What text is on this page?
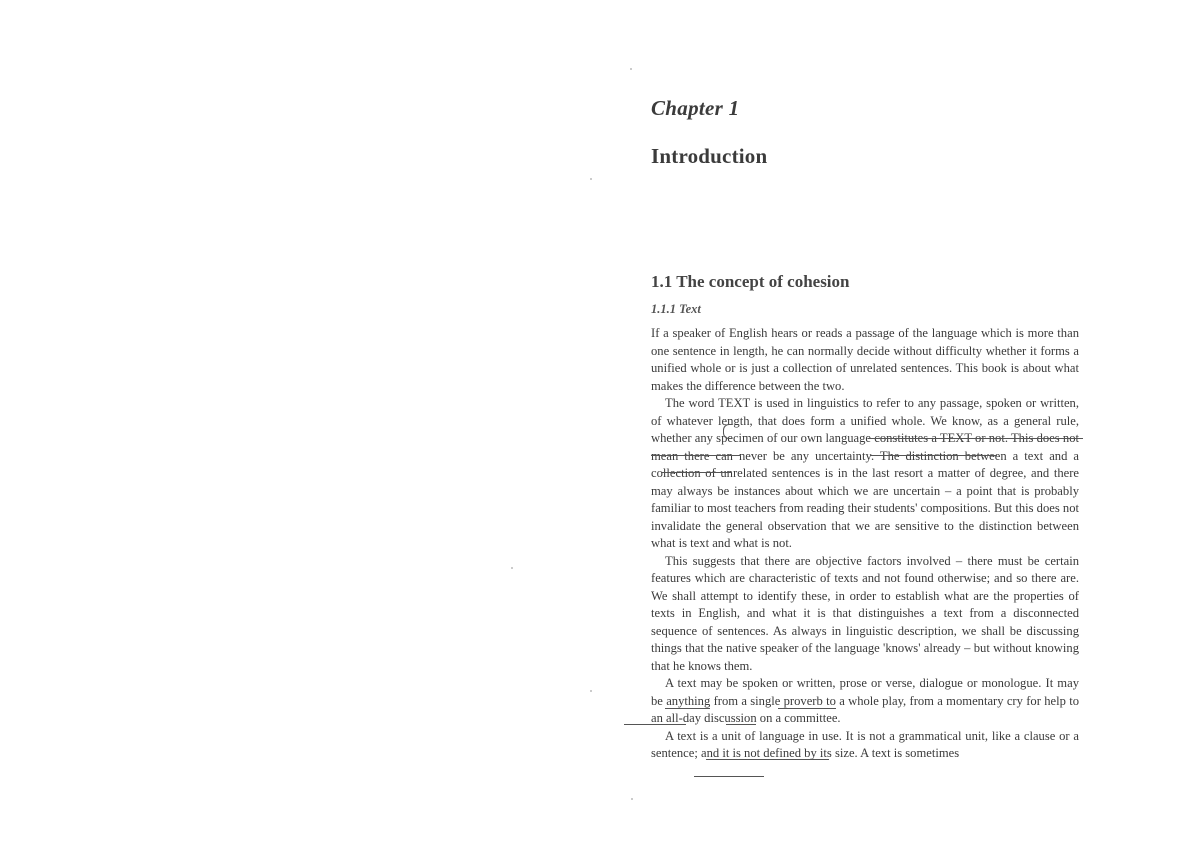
Chapter 1
Introduction
1.1 The concept of cohesion
1.1.1 Text

If a speaker of English hears or reads a passage of the language which is more than one sentence in length, he can normally decide without difficulty whether it forms a unified whole or is just a collection of unrelated sentences. This book is about what makes the difference between the two.

The word TEXT is used in linguistics to refer to any passage, spoken or written, of whatever length, that does form a unified whole. We know, as a general rule, whether any specimen of our own language constitutes a TEXT or not. This does not mean there can never be any uncertainty. The distinction between a text and a collection of unrelated sentences is in the last resort a matter of degree, and there may always be instances about which we are uncertain – a point that is probably familiar to most teachers from reading their students' compositions. But this does not invalidate the general observation that we are sensitive to the distinction between what is text and what is not.

This suggests that there are objective factors involved – there must be certain features which are characteristic of texts and not found otherwise; and so there are. We shall attempt to identify these, in order to establish what are the properties of texts in English, and what it is that distinguishes a text from a disconnected sequence of sentences. As always in linguistic description, we shall be discussing things that the native speaker of the language 'knows' already – but without knowing that he knows them.

A text may be spoken or written, prose or verse, dialogue or monologue. It may be anything from a single proverb to a whole play, from a momentary cry for help to an all-day discussion on a committee.

A text is a unit of language in use. It is not a grammatical unit, like a clause or a sentence; and it is not defined by its size. A text is sometimes
